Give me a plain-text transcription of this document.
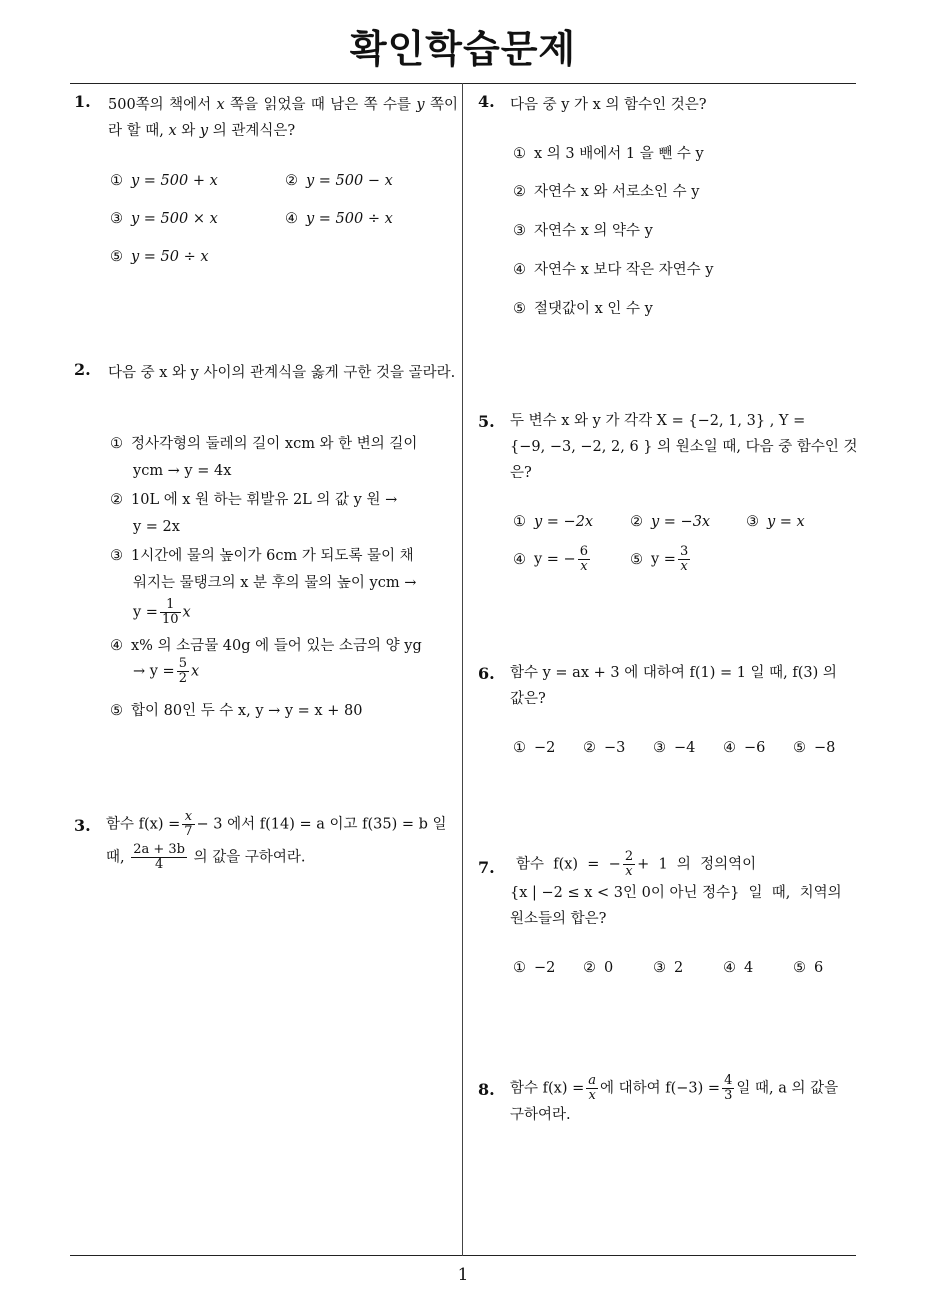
확인학습문제
1
1. 500쪽의 책에서 x 쪽을 읽었을 때 남은 쪽 수를 y 쪽이라 할 때, x 와 y 의 관계식은?
① y = 500 + x	② y = 500 − x
③ y = 500 × x	④ y = 500 ÷ x
⑤ y = 50 ÷ x
2. 다음 중 x 와 y 사이의 관계식을 옳게 구한 것을 골라라.
① 정사각형의 둘레의 길이 xcm 와 한 변의 길이
ycm → y = 4x
② 10L 에 x 원 하는 휘발유 2L 의 값 y 원 →
y = 2x
③ 1시간에 물의 높이가 6cm 가 되도록 물이 채
워지는 물탱크의 x 분 후의 물의 높이 ycm →
$y = \frac{1}{10}$ x
④ x% 의 소금물 40g 에 들어 있는 소금의 양 yg
→ $y = \frac{5}{2}$ x
⑤ 합이 80인 두 수 x, y → y = x + 80
3. 함수 $f(x) = \frac{x}{7} - 3$ 에서 f(14) = a 이고 f(35) = b 일
때, $\frac{2a + 3b}{4}$ 의 값을 구하여라.
4. 다음 중 y 가 x 의 함수인 것은?
① x 의 3 배에서 1 을 뺀 수 y
② 자연수 x 와 서로소인 수 y
③ 자연수 x 의 약수 y
④ 자연수 x 보다 작은 자연수 y
⑤ 절댓값이 x 인 수 y
5. 두 변수 x 와 y 가 각각 X = {−2, 1, 3} , Y =
{−9, −3, −2, 2, 6 } 의 원소일 때, 다음 중 함수인 것
은?
① y = −2x	② y = −3x ③ y = x
④ y = − $\frac{6}{x}$	⑤ $y = \frac{3}{x}$
6. 함수 y = ax + 3 에 대하여 f(1) = 1 일 때, f(3) 의
값은?
① −2 ② −3 ③ −4 ④ −6 ⑤ −8
7. 함수  f(x)  =  − $\frac{2}{x} + 1$  의  정의역이
{x | −2 ≤ x < 3인 0이 아닌 정수}  일  때,  치역의
원소들의 합은?
① −2 ② 0	③ 2	④ 4	⑤ 6
8. 함수 $f(x) = \frac{a}{x}$ 에 대하여 $f(-3) = \frac{4}{3}$ 일 때, a 의 값을
구하여라.
